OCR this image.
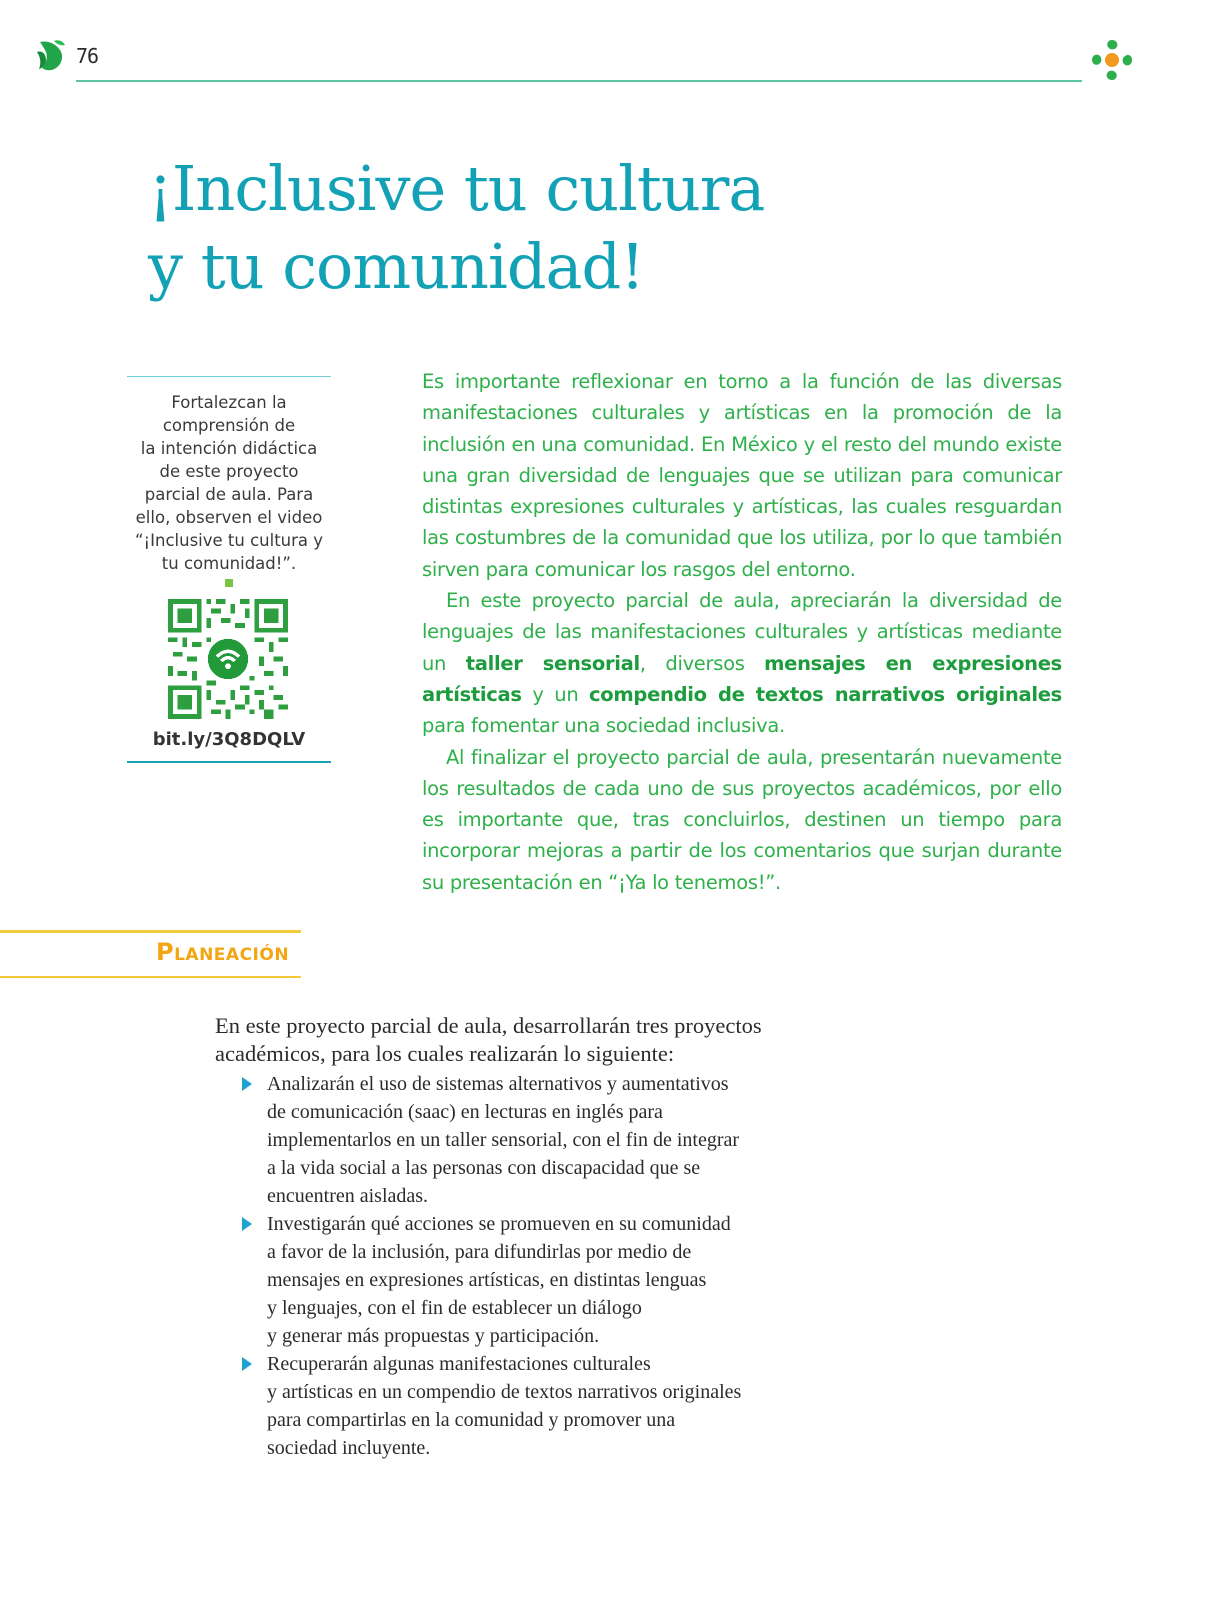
76
¡Inclusive tu cultura
y tu comunidad!
Fortalezcan la
comprensión de
la intención didáctica
de este proyecto
parcial de aula. Para
ello, observen el video
“¡Inclusive tu cultura y
tu comunidad!”.
bit.ly/3Q8DQLV

Es importante reflexionar en torno a la función de las diversas manifestaciones culturales y artísticas en la promoción de la inclusión en una comunidad. En México y el resto del mundo existe una gran diversidad de lenguajes que se utilizan para comunicar distintas expresiones culturales y artísticas, las cuales resguardan las costumbres de la comunidad que los utiliza, por lo que también sirven para comunicar los rasgos del entorno.

En este proyecto parcial de aula, apreciarán la diversidad de lenguajes de las manifestaciones culturales y artísticas mediante un taller sensorial, diversos mensajes en expresiones artísticas y un compendio de textos narrativos originales para fomentar una sociedad inclusiva.

Al finalizar el proyecto parcial de aula, presentarán nuevamente los resultados de cada uno de sus proyectos académicos, por ello es importante que, tras concluirlos, destinen un tiempo para incorporar mejoras a partir de los comentarios que surjan durante su presentación en “¡Ya lo tenemos!”.

Planeación

En este proyecto parcial de aula, desarrollarán tres proyectos
académicos, para los cuales realizarán lo siguiente:

Analizarán el uso de sistemas alternativos y aumentativos
de comunicación (saac) en lecturas en inglés para
implementarlos en un taller sensorial, con el fin de integrar
a la vida social a las personas con discapacidad que se
encuentren aisladas.
Investigarán qué acciones se promueven en su comunidad
a favor de la inclusión, para difundirlas por medio de
mensajes en expresiones artísticas, en distintas lenguas
y lenguajes, con el fin de establecer un diálogo
y generar más propuestas y participación.
Recuperarán algunas manifestaciones culturales
y artísticas en un compendio de textos narrativos originales
para compartirlas en la comunidad y promover una
sociedad incluyente.
